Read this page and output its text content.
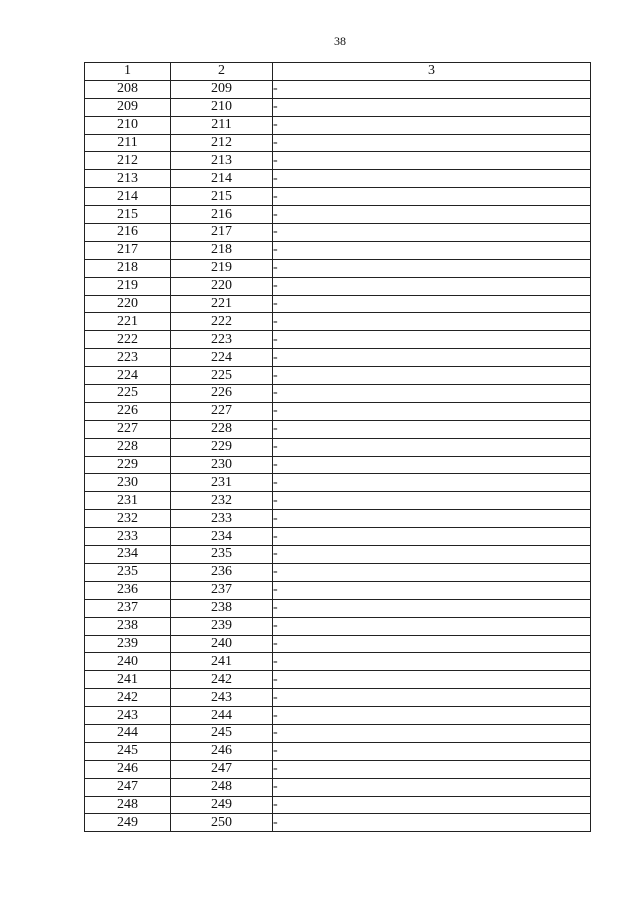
38
1	2	3
208	209	-
209	210	-
210	211	-
211	212	-
212	213	-
213	214	-
214	215	-
215	216	-
216	217	-
217	218	-
218	219	-
219	220	-
220	221	-
221	222	-
222	223	-
223	224	-
224	225	-
225	226	-
226	227	-
227	228	-
228	229	-
229	230	-
230	231	-
231	232	-
232	233	-
233	234	-
234	235	-
235	236	-
236	237	-
237	238	-
238	239	-
239	240	-
240	241	-
241	242	-
242	243	-
243	244	-
244	245	-
245	246	-
246	247	-
247	248	-
248	249	-
249	250	-
